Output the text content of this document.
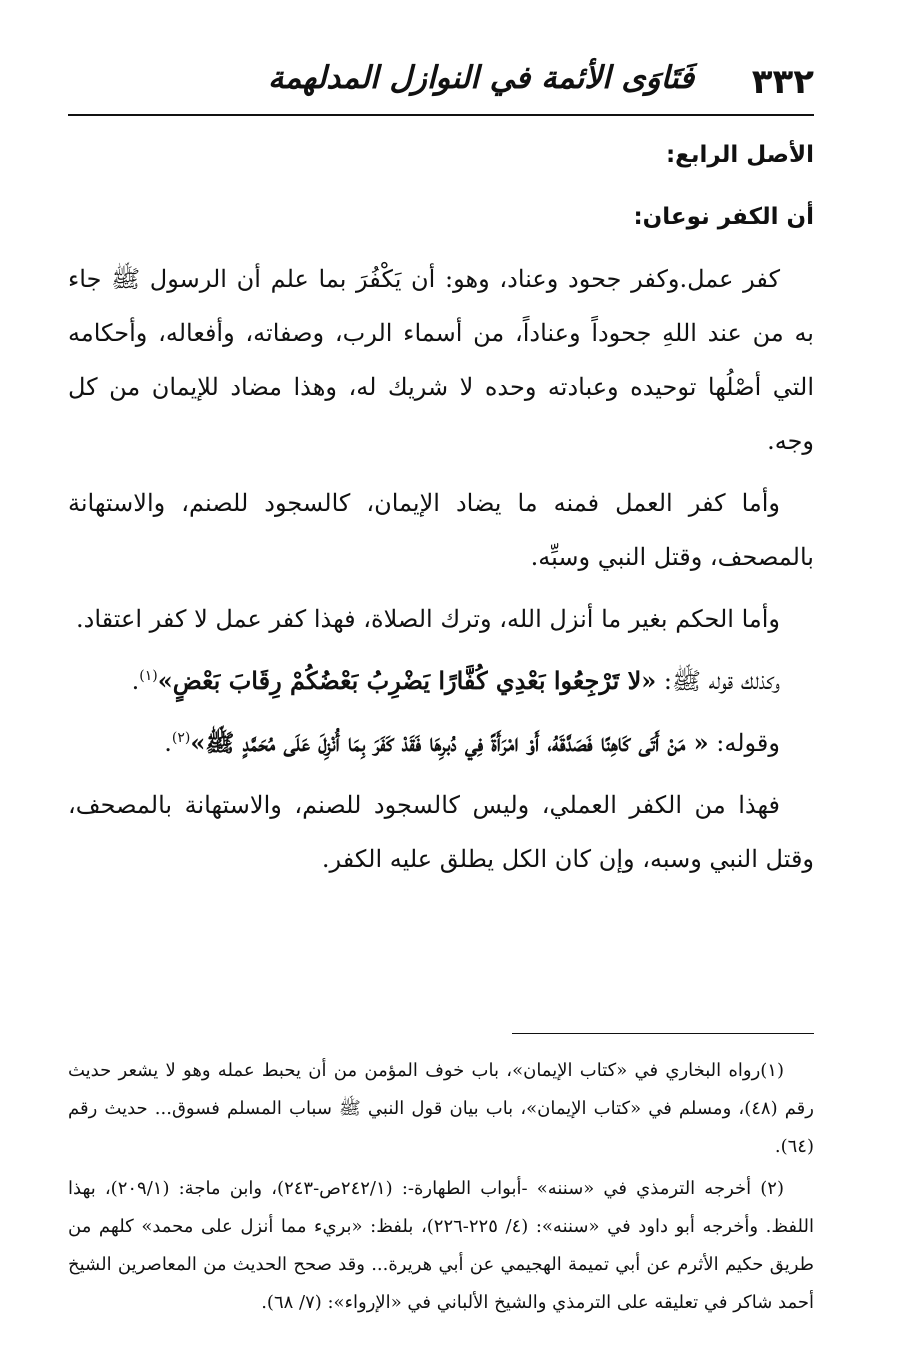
٣٣٢
فَتَاوَى الأئمة في النوازل المدلهمة

الأصل الرابع:

أن الكفر نوعان:

كفر عمل.وكفر جحود وعناد، وهو: أن يَكْفُرَ بما علم أن الرسول ﷺ جاء به من عند اللهِ جحوداً وعناداً، من أسماء الرب، وصفاته، وأفعاله، وأحكامه التي أصْلُها توحيده وعبادته وحده لا شريك له، وهذا مضاد للإيمان من كل وجه.

وأما كفر العمل فمنه ما يضاد الإيمان، كالسجود للصنم، والاستهانة بالمصحف، وقتل النبي وسبِّه.

وأما الحكم بغير ما أنزل الله، وترك الصلاة، فهذا كفر عمل لا كفر اعتقاد.

وكذلك قوله ﷺ: «لا تَرْجِعُوا بَعْدِي كُفَّارًا يَضْرِبُ بَعْضُكُمْ رِقَابَ بَعْضٍ»$^{(١)}$.

وقوله: « مَنْ أَتَى كَاهِنًا فَصَدَّقَهُ، أَوْ امْرَأَةً فِي دُبرِهَا فَقَدْ كَفَرَ بِمَا أُنْزِلَ عَلَى مُحَمَّدٍ ﷺ»$^{(٢)}$.

فهذا من الكفر العملي، وليس كالسجود للصنم، والاستهانة بالمصحف، وقتل النبي وسبه، وإن كان الكل يطلق عليه الكفر.

(١)رواه البخاري في «كتاب الإيمان»، باب خوف المؤمن من أن يحبط عمله وهو لا يشعر حديث رقم (٤٨)، ومسلم في «كتاب الإيمان»، باب بيان قول النبي ﷺ سباب المسلم فسوق... حديث رقم (٦٤).

(٢) أخرجه الترمذي في «سننه» -أبواب الطهارة-: (٢٤٢/١ص-٢٤٣)، وابن ماجة: (٢٠٩/١)، بهذا اللفظ. وأخرجه أبو داود في «سننه»: (٤/ ٢٢٥-٢٢٦)، بلفظ: «بريء مما أنزل على محمد» كلهم من طريق حكيم الأثرم عن أبي تميمة الهجيمي عن أبي هريرة... وقد صحح الحديث من المعاصرين الشيخ أحمد شاكر في تعليقه على الترمذي والشيخ الألباني في «الإرواء»: (٧/ ٦٨).
